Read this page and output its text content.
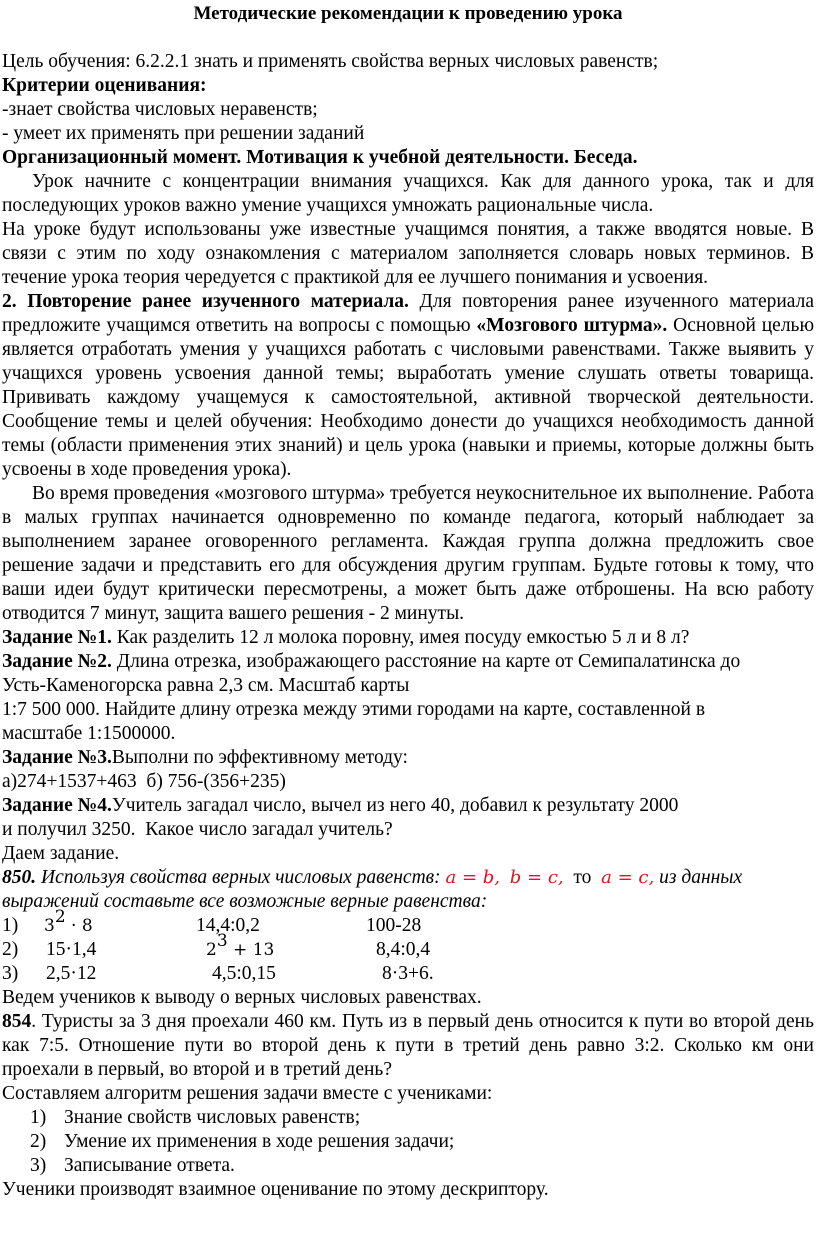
Методические рекомендации к проведению урока

Цель обучения: 6.2.2.1 знать и применять свойства верных числовых равенств;

Критерии оценивания:

-знает свойства числовых неравенств;

- умеет их применять при решении заданий

Организационный момент. Мотивация к учебной деятельности. Беседа.

Урок начните с концентрации внимания учащихся. Как для данного урока, так и для последующих уроков важно умение учащихся умножать рациональные числа.

На уроке будут использованы уже известные учащимся понятия, а также вводятся новые. В связи с этим по ходу ознакомления с материалом заполняется словарь новых терминов. В течение урока теория чередуется с практикой для ее лучшего понимания и усвоения.

2. Повторение ранее изученного материала. Для повторения ранее изученного материала предложите учащимся ответить на вопросы с помощью «Мозгового штурма». Основной целью является отработать умения у учащихся работать с числовыми равенствами. Также выявить у учащихся уровень усвоения данной темы; выработать умение слушать ответы товарища. Прививать каждому учащемуся к самостоятельной, активной творческой деятельности. Сообщение темы и целей обучения: Необходимо донести до учащихся необходимость данной темы (области применения этих знаний) и цель урока (навыки и приемы, которые должны быть усвоены в ходе проведения урока).

Во время проведения «мозгового штурма» требуется неукоснительное их выполнение. Работа в малых группах начинается одновременно по команде педагога, который наблюдает за выполнением заранее оговоренного регламента. Каждая группа должна предложить свое решение задачи и представить его для обсуждения другим группам. Будьте готовы к тому, что ваши идеи будут критически пересмотрены, а может быть даже отброшены. На всю работу отводится 7 минут, защита вашего решения - 2 минуты.

Задание №1. Как разделить 12 л молока поровну, имея посуду емкостью 5 л и 8 л?

Задание №2. Длина отрезка, изображающего расстояние на карте от Семипалатинска до

Усть-Каменогорска равна 2,3 см. Масштаб карты

1:7 500 000. Найдите длину отрезка между этими городами на карте, составленной в

масштабе 1:1500000.

Задание №3.Выполни по эффективному методу:

а)274+1537+463  б) 756-(356+235)

Задание №4.Учитель загадал число, вычел из него 40, добавил к результату 2000

и получил 3250.  Какое число загадал учитель?

Даем задание.

850. Используя свойства верных числовых равенств: a = b, b = c, то a = c, из данных

выражений составьте все возможные верные равенства:

1)	$3^2 \cdot 8$	14,4:0,2	100-28
2)	15·1,4	$2^3 + 13$	8,4:0,4
3)	2,5·12	4,5:0,15	8·3+6.

Ведем учеников к выводу о верных числовых равенствах.

854. Туристы за 3 дня проехали 460 км. Путь из в первый день относится к пути во второй день как 7:5. Отношение пути во второй день к пути в третий день равно 3:2. Сколько км они проехали в первый, во второй и в третий день?

Составляем алгоритм решения задачи вместе с учениками:

1) Знание свойств числовых равенств;
2) Умение их применения в ходе решения задачи;
3) Записывание ответа.

Ученики производят взаимное оценивание по этому дескриптору.
